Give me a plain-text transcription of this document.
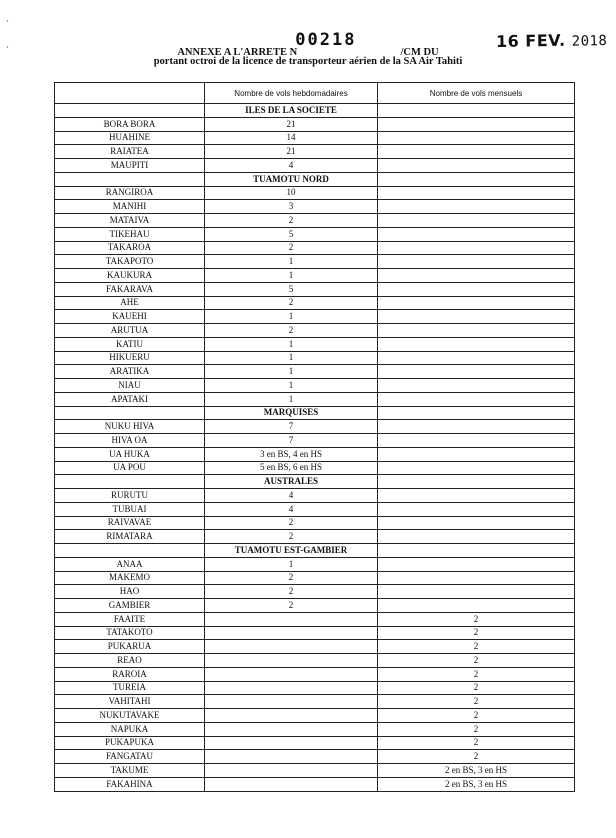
·
·	ANNEXE A L'ARRETE N00218/CM DU
16 FEV. 2018
portant octroi de la licence de transporteur aérien de la SA Air Tahiti
	Nombre de vols hebdomadaires	Nombre de vols mensuels
	ILES DE LA SOCIETE	
BORA BORA	21	
HUAHINE	14	
RAIATEA	21	
MAUPITI	4	
	TUAMOTU NORD	
RANGIROA	10	
MANIHI	3	
MATAIVA	2	
TIKEHAU	5	
TAKAROA	2	
TAKAPOTO	1	
KAUKURA	1	
FAKARAVA	5	
AHE	2	
KAUEHI	1	
ARUTUA	2	
KATIU	1	
HIKUERU	1	
ARATIKA	1	
NIAU	1	
APATAKI	1	
	MARQUISES	
NUKU HIVA	7	
HIVA OA	7	
UA HUKA	3 en BS, 4 en HS	
UA POU	5 en BS, 6 en HS	
	AUSTRALES	
RURUTU	4	
TUBUAI	4	
RAIVAVAE	2	
RIMATARA	2	
	TUAMOTU EST-GAMBIER	
ANAA	1	
MAKEMO	2	
HAO	2	
GAMBIER	2	
FAAITE		2
TATAKOTO		2
PUKARUA		2
REAO		2
RAROIA		2
TUREIA		2
VAHITAHI		2
NUKUTAVAKE		2
NAPUKA		2
PUKAPUKA		2
FANGATAU		2
TAKUME		2 en BS, 3 en HS
FAKAHINA		2 en BS, 3 en HS
